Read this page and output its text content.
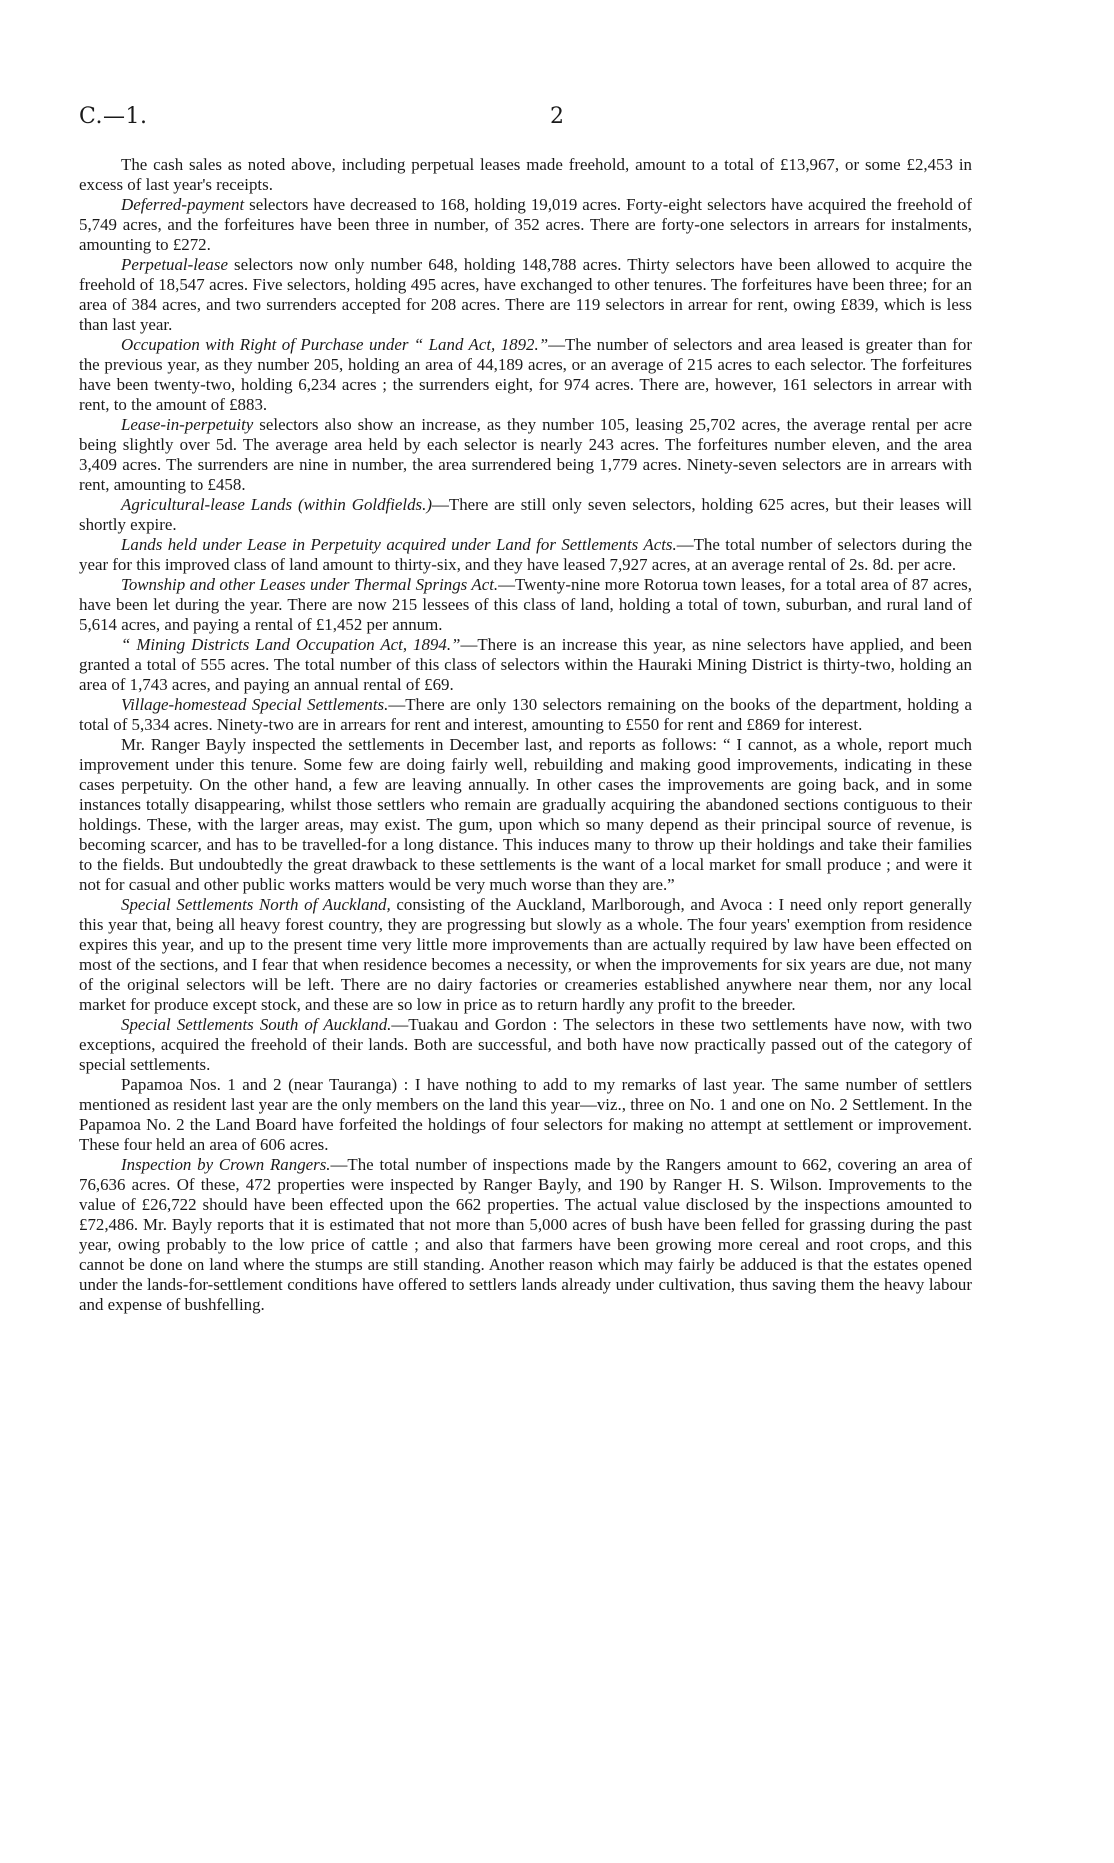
C.—1.	2

The cash sales as noted above, including perpetual leases made freehold, amount to a total of £13,967, or some £2,453 in excess of last year's receipts.

Deferred-payment selectors have decreased to 168, holding 19,019 acres. Forty-eight selectors have acquired the freehold of 5,749 acres, and the forfeitures have been three in number, of 352 acres. There are forty-one selectors in arrears for instalments, amounting to £272.

Perpetual-lease selectors now only number 648, holding 148,788 acres. Thirty selectors have been allowed to acquire the freehold of 18,547 acres. Five selectors, holding 495 acres, have exchanged to other tenures. The forfeitures have been three; for an area of 384 acres, and two surrenders accepted for 208 acres. There are 119 selectors in arrear for rent, owing £839, which is less than last year.

Occupation with Right of Purchase under “ Land Act, 1892.”—The number of selectors and area leased is greater than for the previous year, as they number 205, holding an area of 44,189 acres, or an average of 215 acres to each selector. The forfeitures have been twenty-two, holding 6,234 acres ; the surrenders eight, for 974 acres. There are, however, 161 selectors in arrear with rent, to the amount of £883.

Lease-in-perpetuity selectors also show an increase, as they number 105, leasing 25,702 acres, the average rental per acre being slightly over 5d. The average area held by each selector is nearly 243 acres. The forfeitures number eleven, and the area 3,409 acres. The surrenders are nine in number, the area surrendered being 1,779 acres. Ninety-seven selectors are in arrears with rent, amounting to £458.

Agricultural-lease Lands (within Goldfields.)—There are still only seven selectors, holding 625 acres, but their leases will shortly expire.

Lands held under Lease in Perpetuity acquired under Land for Settlements Acts.—The total number of selectors during the year for this improved class of land amount to thirty-six, and they have leased 7,927 acres, at an average rental of 2s. 8d. per acre.

Township and other Leases under Thermal Springs Act.—Twenty-nine more Rotorua town leases, for a total area of 87 acres, have been let during the year. There are now 215 lessees of this class of land, holding a total of town, suburban, and rural land of 5,614 acres, and paying a rental of £1,452 per annum.

“ Mining Districts Land Occupation Act, 1894.”—There is an increase this year, as nine selectors have applied, and been granted a total of 555 acres. The total number of this class of selectors within the Hauraki Mining District is thirty-two, holding an area of 1,743 acres, and paying an annual rental of £69.

Village-homestead Special Settlements.—There are only 130 selectors remaining on the books of the department, holding a total of 5,334 acres. Ninety-two are in arrears for rent and interest, amounting to £550 for rent and £869 for interest.

Mr. Ranger Bayly inspected the settlements in December last, and reports as follows: “ I cannot, as a whole, report much improvement under this tenure. Some few are doing fairly well, rebuilding and making good improvements, indicating in these cases perpetuity. On the other hand, a few are leaving annually. In other cases the improvements are going back, and in some instances totally disappearing, whilst those settlers who remain are gradually acquiring the abandoned sections contiguous to their holdings. These, with the larger areas, may exist. The gum, upon which so many depend as their principal source of revenue, is becoming scarcer, and has to be travelled-for a long distance. This induces many to throw up their holdings and take their families to the fields. But undoubtedly the great drawback to these settlements is the want of a local market for small produce ; and were it not for casual and other public works matters would be very much worse than they are.”

Special Settlements North of Auckland, consisting of the Auckland, Marlborough, and Avoca : I need only report generally this year that, being all heavy forest country, they are progressing but slowly as a whole. The four years' exemption from residence expires this year, and up to the present time very little more improvements than are actually required by law have been effected on most of the sections, and I fear that when residence becomes a necessity, or when the improvements for six years are due, not many of the original selectors will be left. There are no dairy factories or creameries established anywhere near them, nor any local market for produce except stock, and these are so low in price as to return hardly any profit to the breeder.

Special Settlements South of Auckland.—Tuakau and Gordon : The selectors in these two settlements have now, with two exceptions, acquired the freehold of their lands. Both are successful, and both have now practically passed out of the category of special settlements.

Papamoa Nos. 1 and 2 (near Tauranga) : I have nothing to add to my remarks of last year. The same number of settlers mentioned as resident last year are the only members on the land this year—viz., three on No. 1 and one on No. 2 Settlement. In the Papamoa No. 2 the Land Board have forfeited the holdings of four selectors for making no attempt at settlement or improvement. These four held an area of 606 acres.

Inspection by Crown Rangers.—The total number of inspections made by the Rangers amount to 662, covering an area of 76,636 acres. Of these, 472 properties were inspected by Ranger Bayly, and 190 by Ranger H. S. Wilson. Improvements to the value of £26,722 should have been effected upon the 662 properties. The actual value disclosed by the inspections amounted to £72,486. Mr. Bayly reports that it is estimated that not more than 5,000 acres of bush have been felled for grassing during the past year, owing probably to the low price of cattle ; and also that farmers have been growing more cereal and root crops, and this cannot be done on land where the stumps are still standing. Another reason which may fairly be adduced is that the estates opened under the lands-for-settlement conditions have offered to settlers lands already under cultivation, thus saving them the heavy labour and expense of bushfelling.
